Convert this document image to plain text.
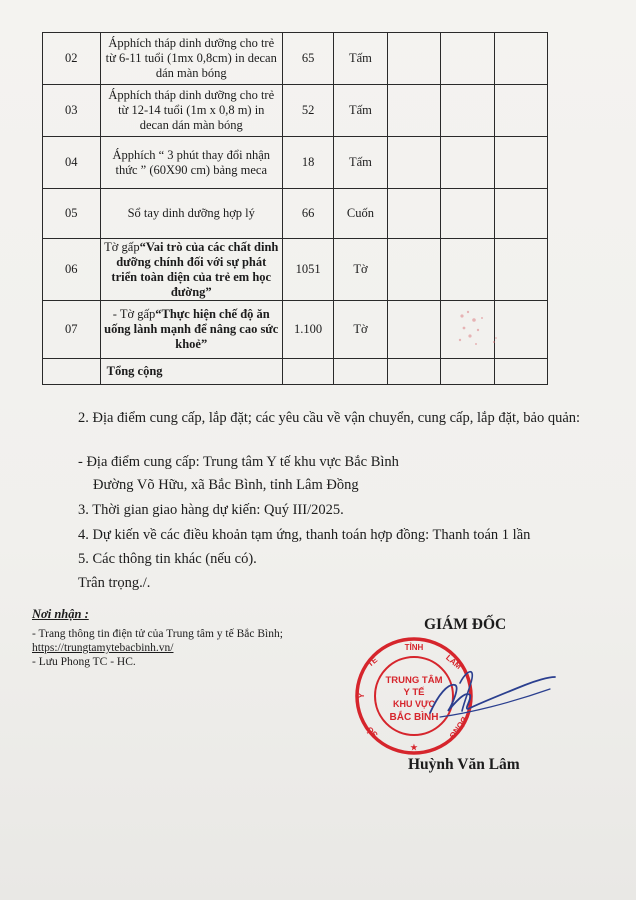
02	Ápphích tháp dinh dưỡng cho trẻ từ 6-11 tuổi (1mx 0,8cm) in decan dán màn bóng	65	Tấm			
03	Ápphích tháp dinh dưỡng cho trẻ từ 12-14 tuổi (1m x 0,8 m) in decan dán màn bóng	52	Tấm			
04	Ápphích “ 3 phút thay đổi nhận thức ” (60X90 cm) bảng meca	18	Tấm			
05	Sổ tay dinh dưỡng hợp lý	66	Cuốn			
06	Tờ gấp“Vai trò của các chất dinh dưỡng chính đối với sự phát triển toàn diện của trẻ em học đường”	1051	Tờ			
07	- Tờ gấp“Thực hiện chế độ ăn uống lành mạnh để nâng cao sức khoẻ”	1.100	Tờ			
	Tổng cộng					
2. Địa điểm cung cấp, lắp đặt; các yêu cầu về vận chuyển, cung cấp, lắp đặt, bảo quản:
- Địa điểm cung cấp: Trung tâm Y tế khu vực Bắc Bình
Đường Võ Hữu, xã Bắc Bình, tỉnh Lâm Đồng
3. Thời gian giao hàng dự kiến: Quý III/2025.
4. Dự kiến về các điều khoản tạm ứng, thanh toán hợp đồng: Thanh toán 1 lần
5. Các thông tin khác (nếu có).
Trân trọng./.
Nơi nhận :
- Trang thông tin điện tử của Trung tâm y tế Bắc Bình;
https://trungtamytebacbinh.vn/
- Lưu Phong TC - HC.
GIÁM ĐỐC
TỈNH
LÂM
TẾ
Y
SỞ	ĐỒNG
★
TRUNG TÂM
Y TẾ
KHU VỰC
BẮC BÌNH
Huỳnh Văn Lâm
